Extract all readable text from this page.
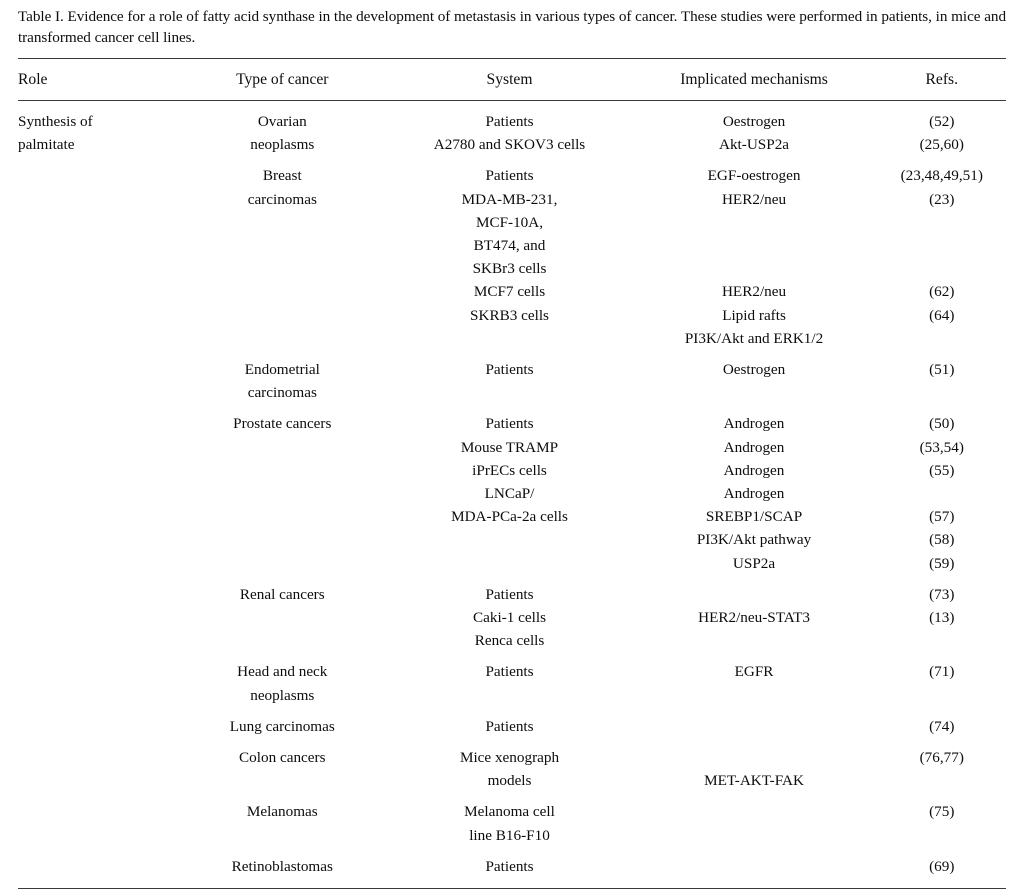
Table I. Evidence for a role of fatty acid synthase in the development of metastasis in various types of cancer. These studies were performed in patients, in mice and transformed cancer cell lines.
Role	Type of cancer	System	Implicated mechanisms	Refs.

Synthesis of	Ovarian	Patients	Oestrogen	(52)
palmitate	neoplasms	A2780 and SKOV3 cells	Akt-USP2a	(25,60)
	Breast	Patients	EGF-oestrogen	(23,48,49,51)
	carcinomas	MDA-MB-231,	HER2/neu	(23)
		MCF-10A,		
		BT474, and		
		SKBr3 cells		
		MCF7 cells	HER2/neu	(62)
		SKRB3 cells	Lipid rafts	(64)
			PI3K/Akt and ERK1/2	
	Endometrial	Patients	Oestrogen	(51)
	carcinomas			
	Prostate cancers	Patients	Androgen	(50)
		Mouse TRAMP	Androgen	(53,54)
		iPrECs cells	Androgen	(55)
		LNCaP/	Androgen	
		MDA-PCa-2a cells	SREBP1/SCAP	(57)
			PI3K/Akt pathway	(58)
			USP2a	(59)
	Renal cancers	Patients		(73)
		Caki-1 cells	HER2/neu-STAT3	(13)
		Renca cells		
	Head and neck	Patients	EGFR	(71)
	neoplasms			
	Lung carcinomas	Patients		(74)
	Colon cancers	Mice xenograph		(76,77)
		models	MET-AKT-FAK	
	Melanomas	Melanoma cell		(75)
		line B16-F10		
	Retinoblastomas	Patients		(69)
